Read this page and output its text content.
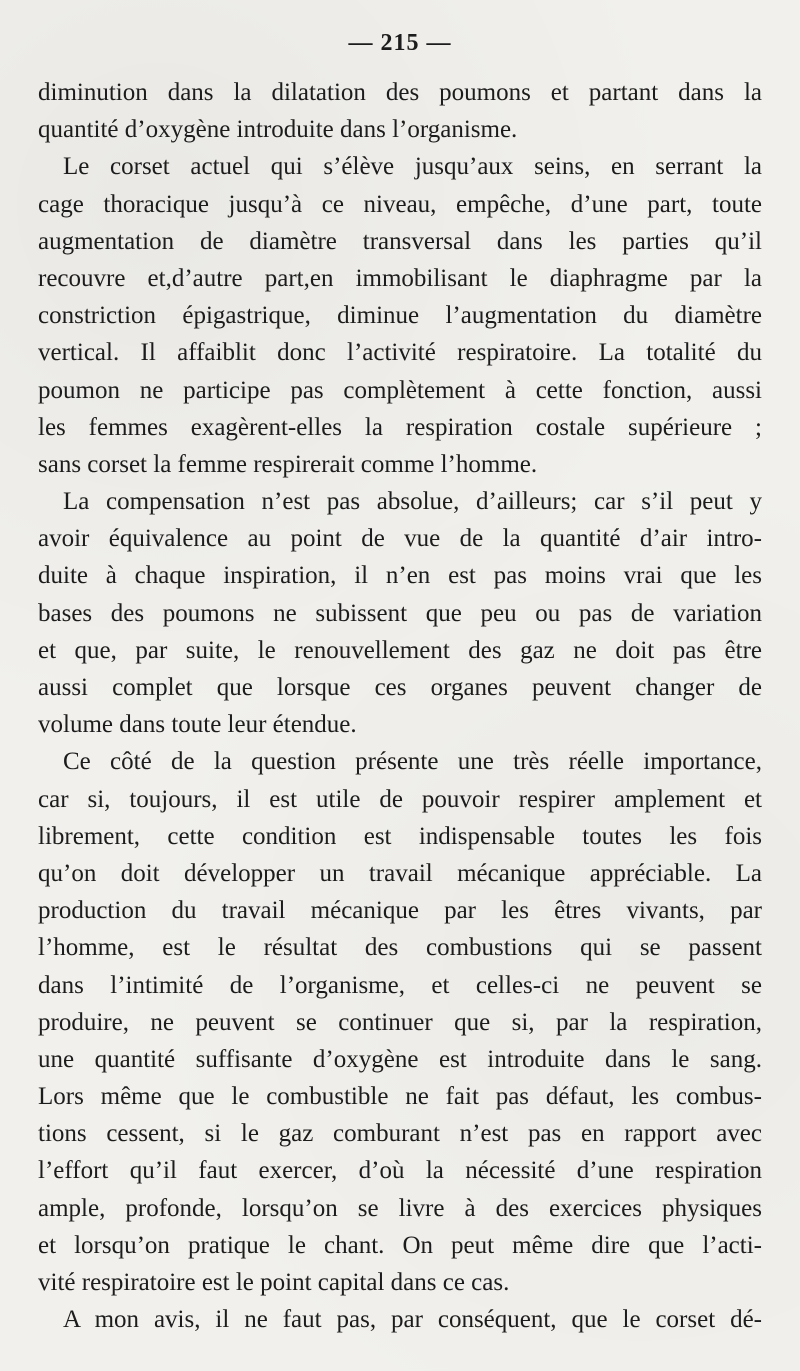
— 215 —
diminution dans la dilatation des poumons et partant dans la
quantité d’oxygène introduite dans l’organisme.
Le corset actuel qui s’élève jusqu’aux seins, en serrant la
cage thoracique jusqu’à ce niveau, empêche, d’une part, toute
augmentation de diamètre transversal dans les parties qu’il
recouvre et,d’autre part,en immobilisant le diaphragme par la
constriction épigastrique, diminue l’augmentation du diamètre
vertical. Il affaiblit donc l’activité respiratoire. La totalité du
poumon ne participe pas complètement à cette fonction, aussi
les femmes exagèrent-elles la respiration costale supérieure ;
sans corset la femme respirerait comme l’homme.
La compensation n’est pas absolue, d’ailleurs; car s’il peut y
avoir équivalence au point de vue de la quantité d’air intro-
duite à chaque inspiration, il n’en est pas moins vrai que les
bases des poumons ne subissent que peu ou pas de variation
et que, par suite, le renouvellement des gaz ne doit pas être
aussi complet que lorsque ces organes peuvent changer de
volume dans toute leur étendue.
Ce côté de la question présente une très réelle importance,
car si, toujours, il est utile de pouvoir respirer amplement et
librement, cette condition est indispensable toutes les fois
qu’on doit développer un travail mécanique appréciable. La
production du travail mécanique par les êtres vivants, par
l’homme, est le résultat des combustions qui se passent
dans l’intimité de l’organisme, et celles-ci ne peuvent se
produire, ne peuvent se continuer que si, par la respiration,
une quantité suffisante d’oxygène est introduite dans le sang.
Lors même que le combustible ne fait pas défaut, les combus-
tions cessent, si le gaz comburant n’est pas en rapport avec
l’effort qu’il faut exercer, d’où la nécessité d’une respiration
ample, profonde, lorsqu’on se livre à des exercices physiques
et lorsqu’on pratique le chant. On peut même dire que l’acti-
vité respiratoire est le point capital dans ce cas.
A mon avis, il ne faut pas, par conséquent, que le corset dé-
